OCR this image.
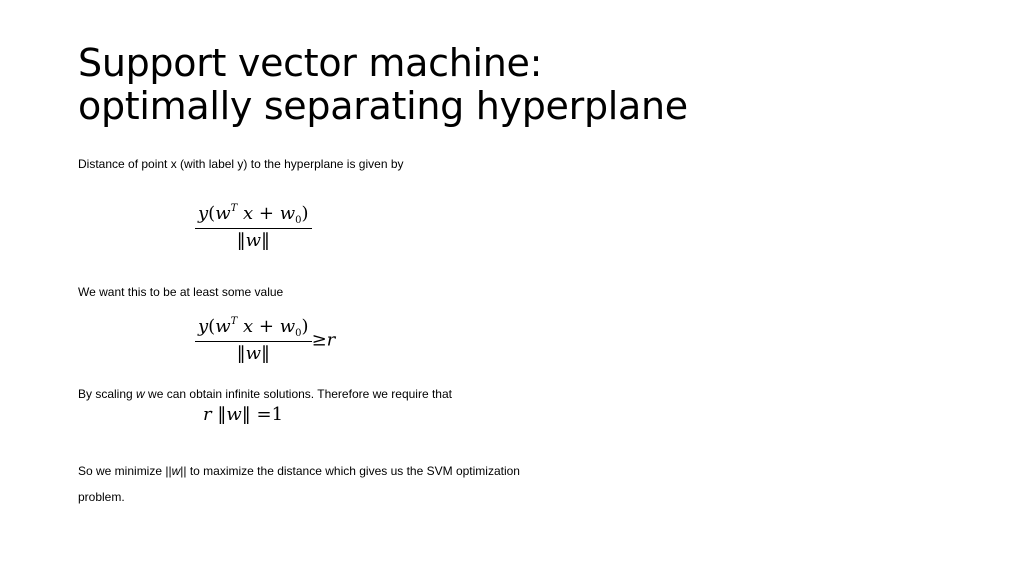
Support vector machine:
optimally separating hyperplane
Distance of point x (with label y) to the hyperplane is given by
$\frac{y(w^T x + w_0)}{‖w‖}$
We want this to be at least some value
$\frac{y(w^T x + w_0)}{‖w‖} \ge r$
By scaling w we can obtain infinite solutions. Therefore we require that
r ‖w‖ =1
So we minimize ||w|| to maximize the distance which gives us the SVM optimization
problem.
